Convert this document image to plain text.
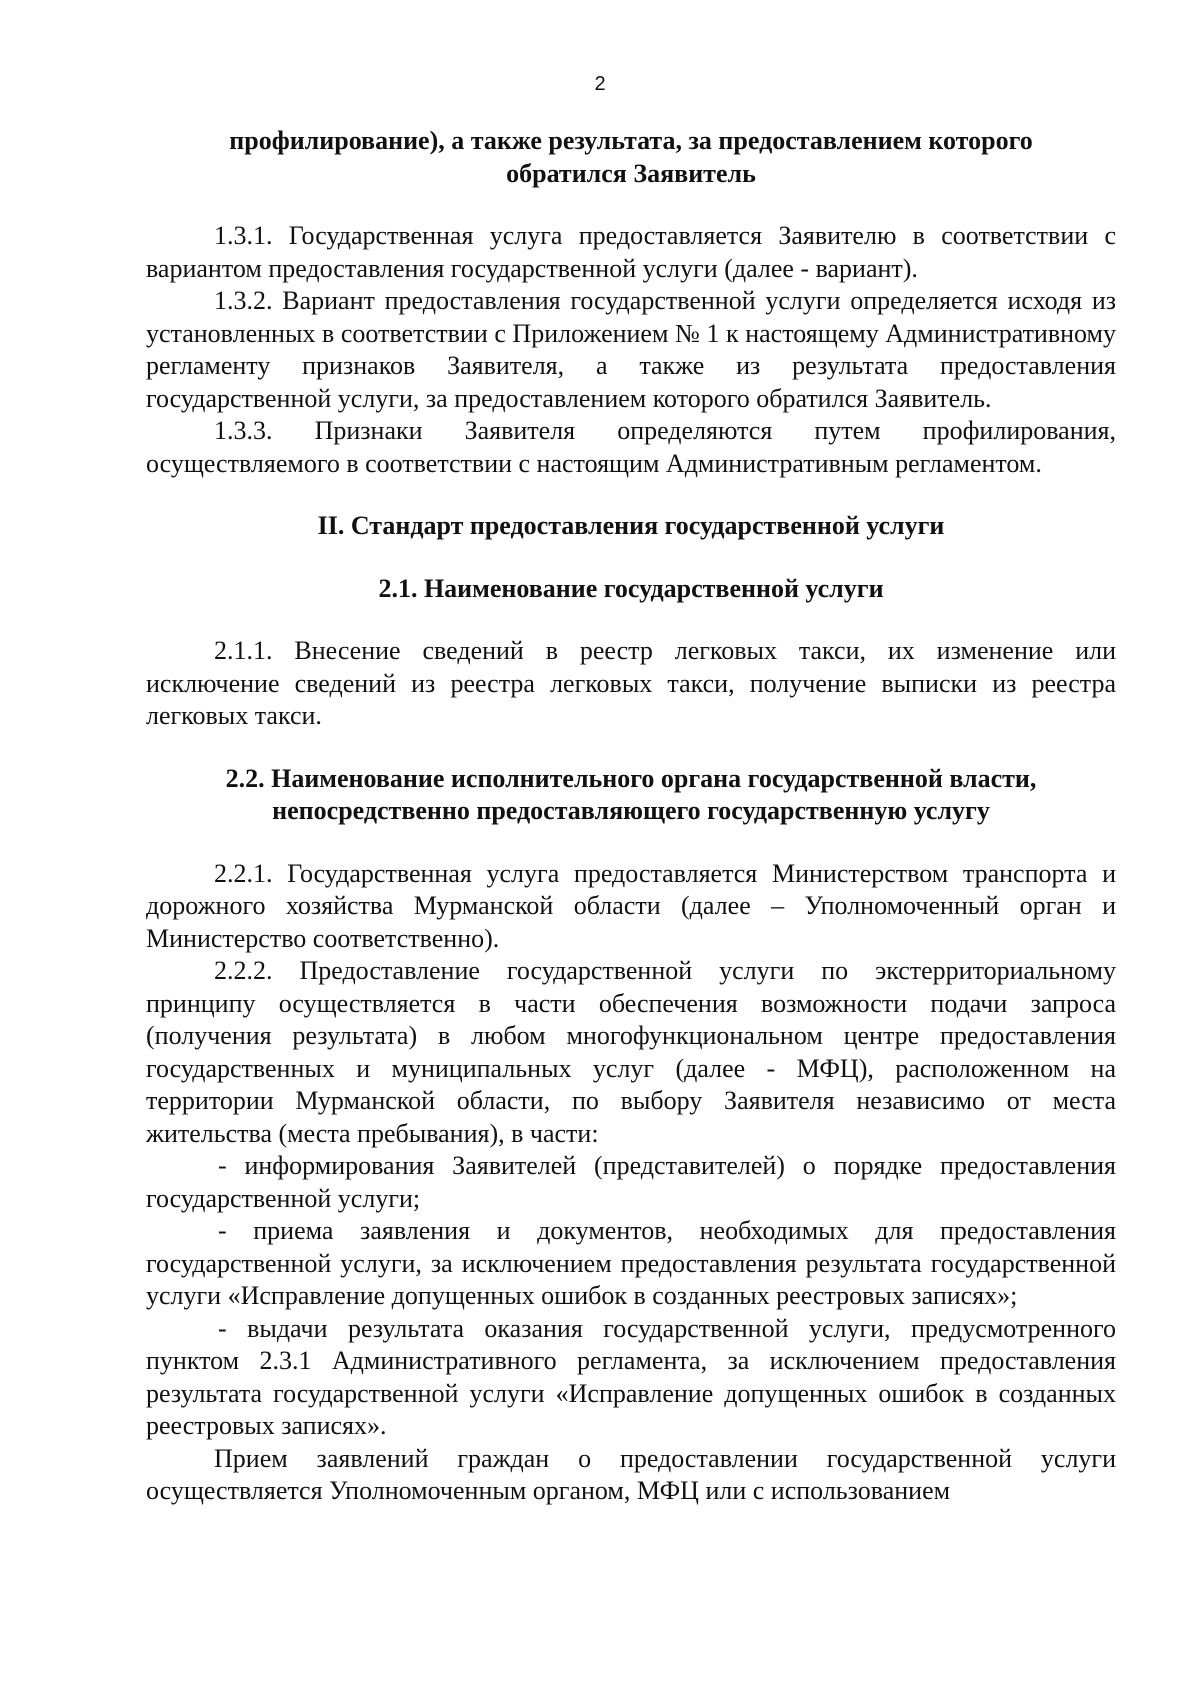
2
профилирование), а также результата, за предоставлением которого
обратился Заявитель

1.3.1. Государственная услуга предоставляется Заявителю в соответствии с вариантом предоставления государственной услуги (далее - вариант).

1.3.2. Вариант предоставления государственной услуги определяется исходя из установленных в соответствии с Приложением № 1 к настоящему Административному регламенту признаков Заявителя, а также из результата предоставления государственной услуги, за предоставлением которого обратился Заявитель.

1.3.3. Признаки Заявителя определяются путем профилирования, осуществляемого в соответствии с настоящим Административным регламентом.

II. Стандарт предоставления государственной услуги
2.1. Наименование государственной услуги

2.1.1. Внесение сведений в реестр легковых такси, их изменение или исключение сведений из реестра легковых такси, получение выписки из реестра легковых такси.

2.2. Наименование исполнительного органа государственной власти,
непосредственно предоставляющего государственную услугу

2.2.1. Государственная услуга предоставляется Министерством транспорта и дорожного хозяйства Мурманской области (далее – Уполномоченный орган и Министерство соответственно).

2.2.2. Предоставление государственной услуги по экстерриториальному принципу осуществляется в части обеспечения возможности подачи запроса (получения результата) в любом многофункциональном центре предоставления государственных и муниципальных услуг (далее - МФЦ), расположенном на территории Мурманской области, по выбору Заявителя независимо от места жительства (места пребывания), в части:

- информирования Заявителей (представителей) о порядке предоставления государственной услуги;

- приема заявления и документов, необходимых для предоставления государственной услуги, за исключением предоставления результата государственной услуги «Исправление допущенных ошибок в созданных реестровых записях»;

- выдачи результата оказания государственной услуги, предусмотренного пунктом 2.3.1 Административного регламента, за исключением предоставления результата государственной услуги «Исправление допущенных ошибок в созданных реестровых записях».

Прием заявлений граждан о предоставлении государственной услуги осуществляется Уполномоченным органом, МФЦ или с использованием
